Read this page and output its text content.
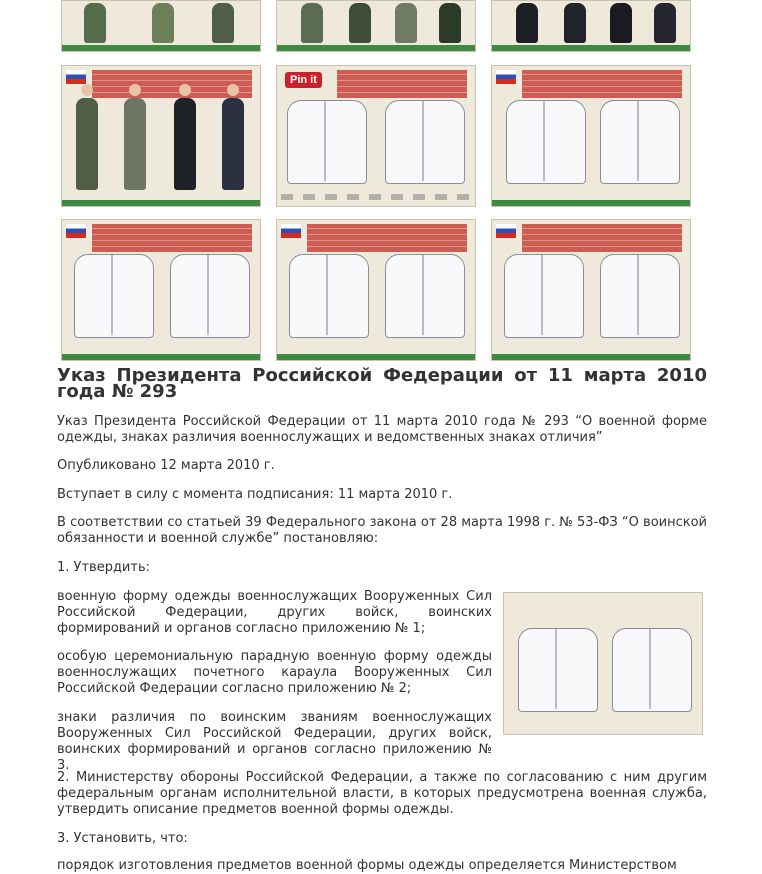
Pin it
Указ Президента Российской Федерации от 11 марта 2010 года № 293

Указ Президента Российской Федерации от 11 марта 2010 года № 293 “О военной форме одежды, знаках различия военнослужащих и ведомственных знаках отличия”

Опубликовано 12 марта 2010 г.

Вступает в силу с момента подписания: 11 марта 2010 г.

В соответствии со статьей 39 Федерального закона от 28 марта 1998 г. № 53-ФЗ “О воинской обязанности и военной службе” постановляю:

1. Утвердить:

военную форму одежды военнослужащих Вооруженных Сил Российской Федерации, других войск, воинских формирований и органов согласно приложению № 1;

особую церемониальную парадную военную форму одежды военнослужащих почетного караула Вооруженных Сил Российской Федерации согласно приложению № 2;

знаки различия по воинским званиям военнослужащих Вооруженных Сил Российской Федерации, других войск, воинских формирований и органов согласно приложению № 3.

2. Министерству обороны Российской Федерации, а также по согласованию с ним другим федеральным органам исполнительной власти, в которых предусмотрена военная служба, утвердить описание предметов военной формы одежды.

3. Установить, что:

порядок изготовления предметов военной формы одежды определяется Министерством
